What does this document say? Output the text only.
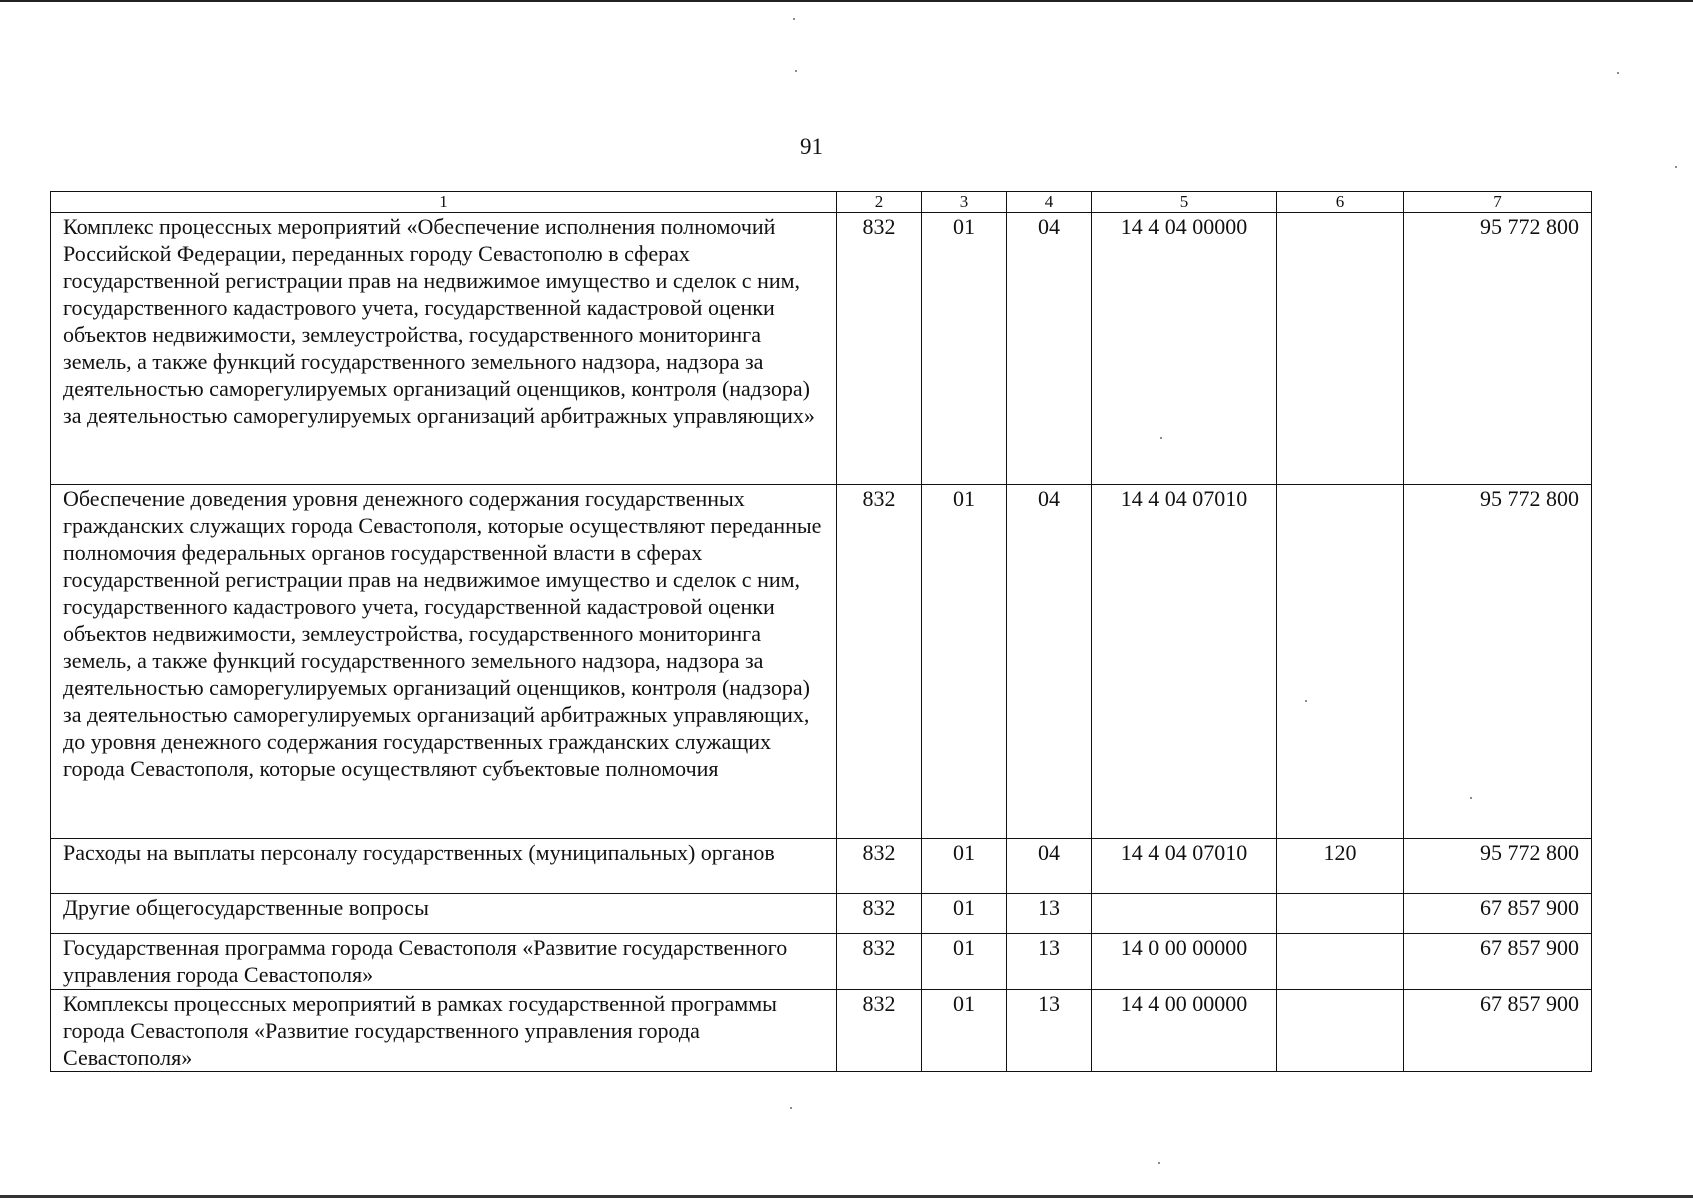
91
1	2	3	4	5	6	7
Комплекс процессных мероприятий «Обеспечение исполнения полномочий Российской Федерации, переданных городу Севастополю в сферах государственной регистрации прав на недвижимое имущество и сделок с ним, государственного кадастрового учета, государственной кадастровой оценки объектов недвижимости, землеустройства, государственного мониторинга земель, а также функций государственного земельного надзора, надзора за деятельностью саморегулируемых организаций оценщиков, контроля (надзора) за деятельностью саморегулируемых организаций арбитражных управляющих»	832	01	04	14 4 04 00000		95 772 800
Обеспечение доведения уровня денежного содержания государственных гражданских служащих города Севастополя, которые осуществляют переданные полномочия федеральных органов государственной власти в сферах государственной регистрации прав на недвижимое имущество и сделок с ним, государственного кадастрового учета, государственной кадастровой оценки объектов недвижимости, землеустройства, государственного мониторинга земель, а также функций государственного земельного надзора, надзора за деятельностью саморегулируемых организаций оценщиков, контроля (надзора) за деятельностью саморегулируемых организаций арбитражных управляющих, до уровня денежного содержания государственных гражданских служащих города Севастополя, которые осуществляют субъектовые полномочия	832	01	04	14 4 04 07010		95 772 800
Расходы на выплаты персоналу государственных (муниципальных) органов	832	01	04	14 4 04 07010	120	95 772 800
Другие общегосударственные вопросы	832	01	13			67 857 900
Государственная программа города Севастополя «Развитие государственного управления города Севастополя»	832	01	13	14 0 00 00000		67 857 900
Комплексы процессных мероприятий в рамках государственной программы города Севастополя «Развитие государственного управления города Севастополя»	832	01	13	14 4 00 00000		67 857 900
